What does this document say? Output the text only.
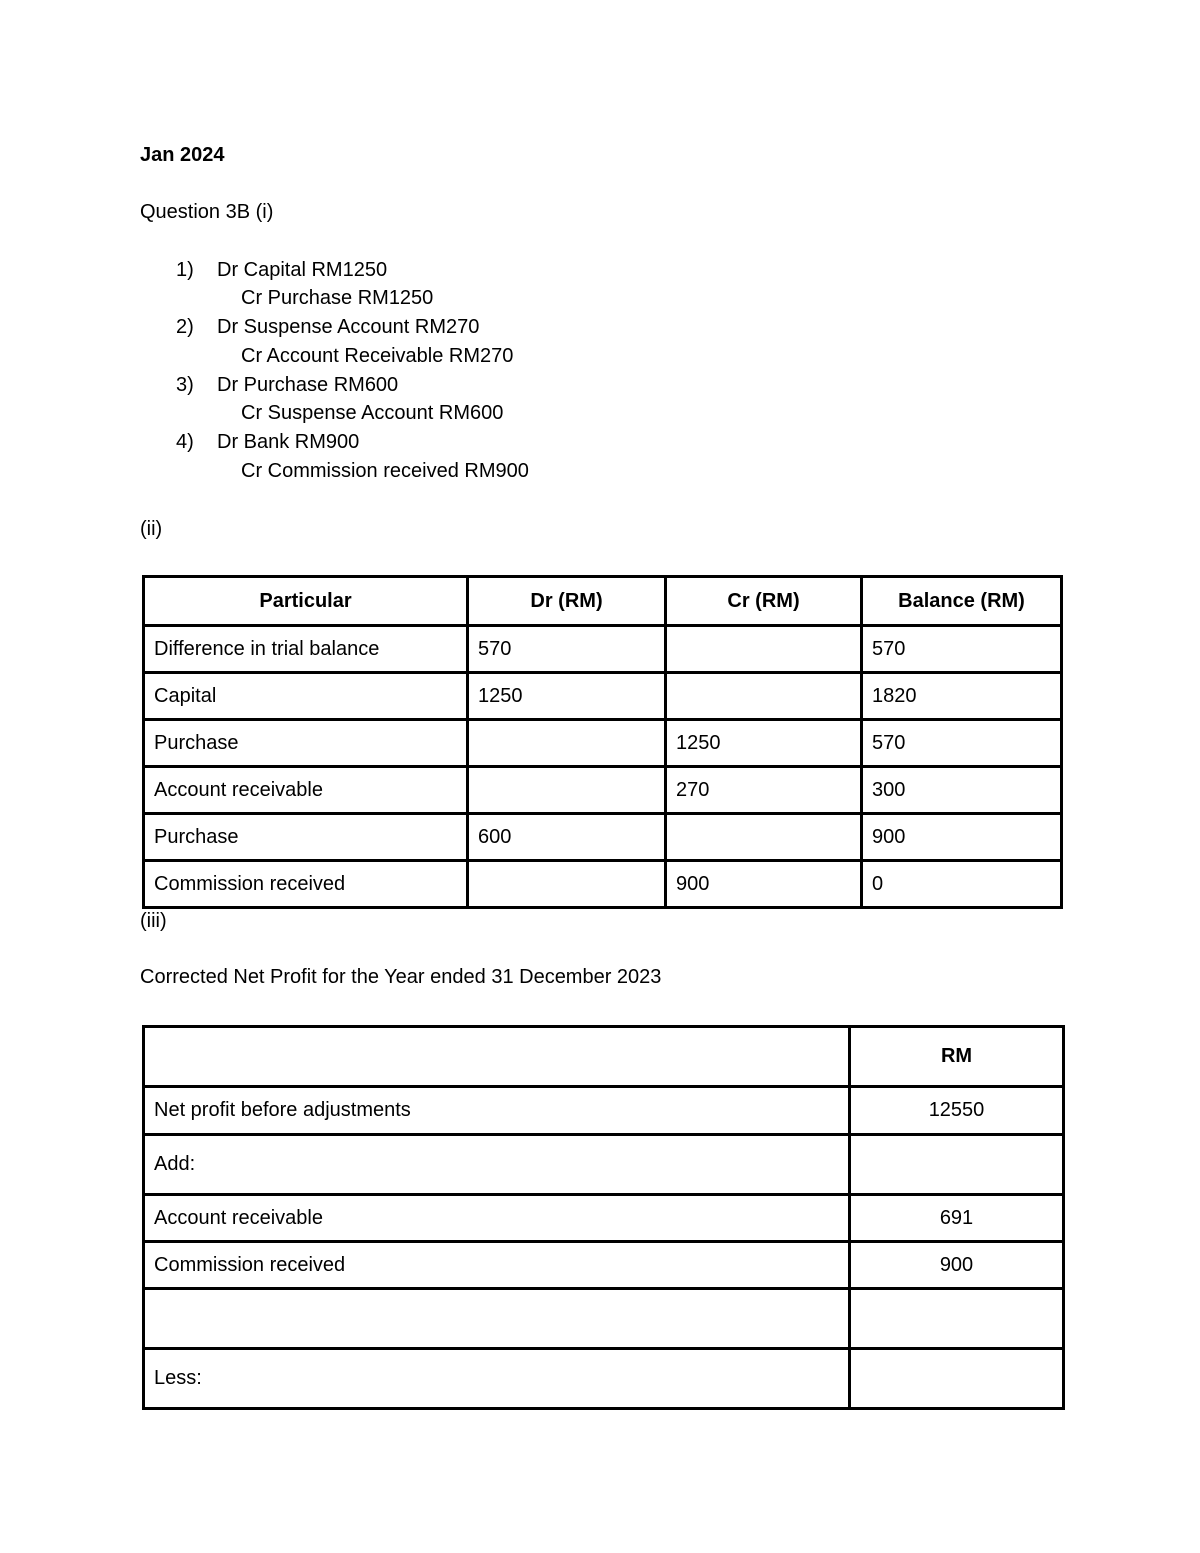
Jan 2024
Question 3B (i)
1) Dr Capital RM1250
Cr Purchase RM1250
2) Dr Suspense Account RM270
Cr Account Receivable RM270
3) Dr Purchase RM600
Cr Suspense Account RM600
4) Dr Bank RM900
Cr Commission received RM900
(ii)
Particular	Dr (RM)	Cr (RM)	Balance (RM)
Difference in trial balance	570		570
Capital	1250		1820
Purchase		1250	570
Account receivable		270	300
Purchase	600		900
Commission received		900	0
(iii)
Corrected Net Profit for the Year ended 31 December 2023
	RM
Net profit before adjustments	12550
Add:	
Account receivable	691
Commission received	900

Less:	
